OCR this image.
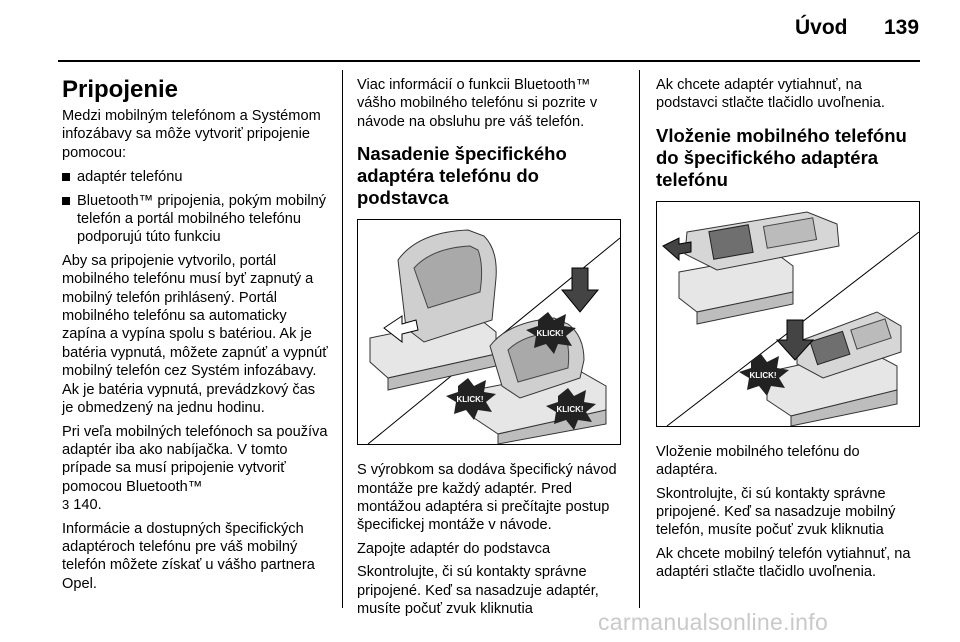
Úvod 139
Pripojenie

Medzi mobilným telefónom a Systémom infozábavy sa môže vytvoriť pripojenie pomocou:

adaptér telefónu
Bluetooth™ pripojenia, pokým mobilný telefón a portál mobilného telefónu podporujú túto funkciu

Aby sa pripojenie vytvorilo, portál mobilného telefónu musí byť zapnutý a mobilný telefón prihlásený. Portál mobilného telefónu sa automaticky zapína a vypína spolu s batériou. Ak je batéria vypnutá, môžete zapnúť a vypnúť mobilný telefón cez Systém infozábavy. Ak je batéria vypnutá, prevádzkový čas je obmedzený na jednu hodinu.

Pri veľa mobilných telefónoch sa používa adaptér iba ako nabíjačka. V tomto prípade sa musí pripojenie vytvoriť pomocou Bluetooth™
3 140.

Informácie a dostupných špecifických adaptéroch telefónu pre váš mobilný telefón môžete získať u vášho partnera Opel.

Viac informácií o funkcii Bluetooth™ vášho mobilného telefónu si pozrite v návode na obsluhu pre váš telefón.

Nasadenie špecifického adaptéra telefónu do podstavca
KLICK!
KLICK!
KLICK!

S výrobkom sa dodáva špecifický návod montáže pre každý adaptér. Pred montážou adaptéra si prečítajte postup špecifickej montáže v návode.

Zapojte adaptér do podstavca

Skontrolujte, či sú kontakty správne pripojené. Keď sa nasadzuje adaptér, musíte počuť zvuk kliknutia

Ak chcete adaptér vytiahnuť, na podstavci stlačte tlačidlo uvoľnenia.

Vloženie mobilného telefónu do špecifického adaptéra telefónu
KLICK!

Vloženie mobilného telefónu do adaptéra.

Skontrolujte, či sú kontakty správne pripojené. Keď sa nasadzuje mobilný telefón, musíte počuť zvuk kliknutia

Ak chcete mobilný telefón vytiahnuť, na adaptéri stlačte tlačidlo uvoľnenia.

carmanualsonline.info
